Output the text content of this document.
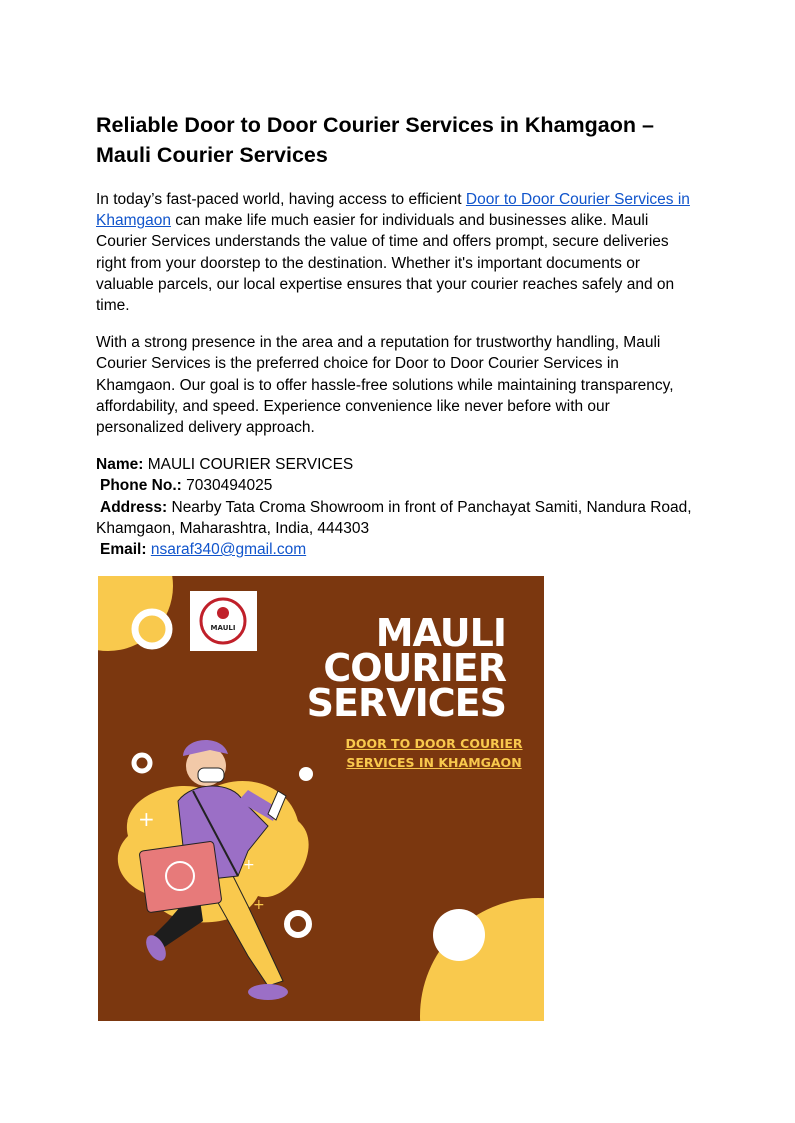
Reliable Door to Door Courier Services in Khamgaon – Mauli Courier Services

In today’s fast-paced world, having access to efficient Door to Door Courier Services in Khamgaon can make life much easier for individuals and businesses alike. Mauli Courier Services understands the value of time and offers prompt, secure deliveries right from your doorstep to the destination. Whether it's important documents or valuable parcels, our local expertise ensures that your courier reaches safely and on time.

With a strong presence in the area and a reputation for trustworthy handling, Mauli Courier Services is the preferred choice for Door to Door Courier Services in Khamgaon. Our goal is to offer hassle-free solutions while maintaining transparency, affordability, and speed. Experience convenience like never before with our personalized delivery approach.

Name: MAULI COURIER SERVICES
Phone No.: 7030494025
Address: Nearby Tata Croma Showroom in front of Panchayat Samiti, Nandura Road, Khamgaon, Maharashtra, India, 444303
Email: nsaraf340@gmail.com
+
+
+
MAULI	MAULI
COURIER
SERVICES
DOOR TO DOOR COURIER
SERVICES IN KHAMGAON
